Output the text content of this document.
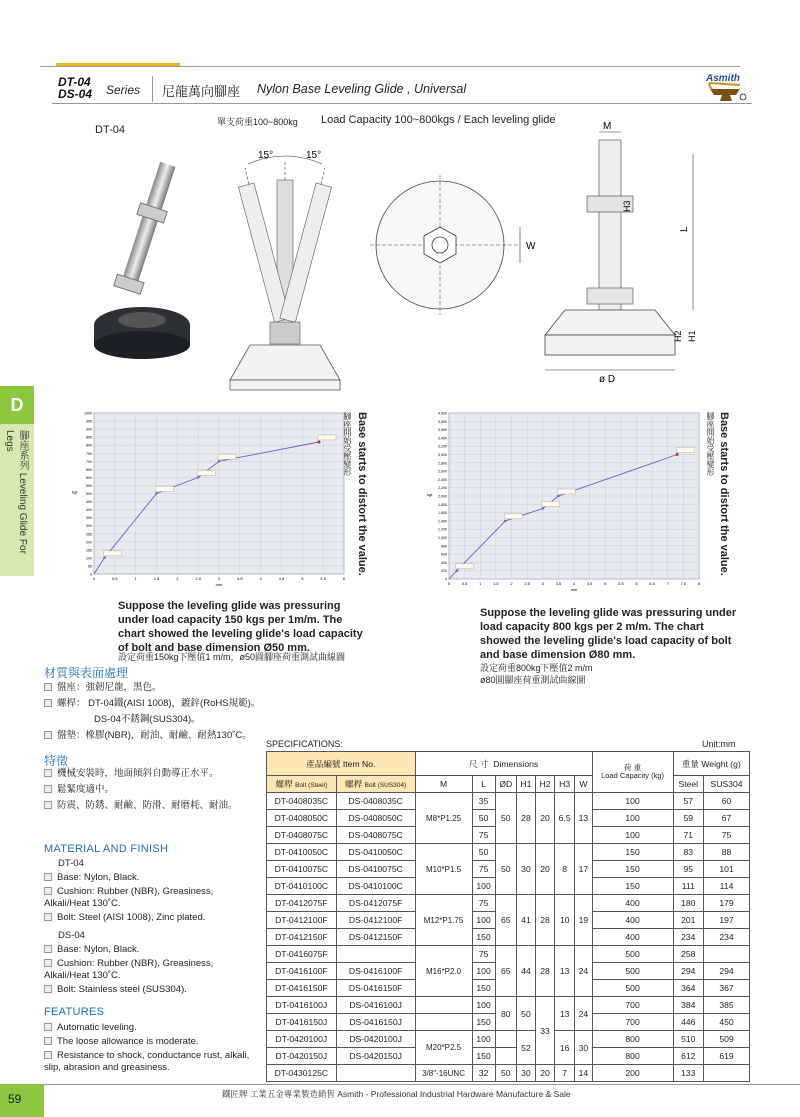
DT-04
DS-04 Series 尼龍萬向腳座 Nylon Base Leveling Glide , Universal
Asmith
DT-04
單支荷重100~800kg Load Capacity 100~800kgs / Each leveling glide
15°	15°
W
M
H3
L
H2 H1
ø D
D
腳座系列 Leveling Glide For Legs
0
50
100
150
200
250
300
350
400
450
500
550
600
650
700
750
800
850
900
950
1000
0	0.5	1	1.5	2	2.5	3	3.5	4	4.5	5	5.5	6
mm
kgf	Base starts to distort the value.
腳座開始受壓變形
Suppose the leveling glide was pressuring under load capacity 150 kgs per 1m/m. The chart showed the leveling glide's load capacity of bolt and base dimension Ø50 mm.
設定荷重150kg下壓值1 m/m，ø50圓腳座荷重測試曲線圖
0
200
400
600
800
1,000
1,200
1,400
1,600
1,800
2,000
2,200
2,400
2,600
2,800
3,000
3,200
3,400
3,600
3,800
4,000
0	0.5	1	1.5	2	2.5	3	3.5	4	4.5	5	5.5	6	6.5	7	7.5	8
mm
kgf	Base starts to distort the value.
腳座開始受壓變形
Suppose the leveling glide was pressuring under load capacity 800 kgs per 2 m/m. The chart showed the leveling glide's load capacity of bolt and base dimension Ø80 mm.
設定荷重800kg下壓值2 m/m
ø80圓腳座荷重測試曲線圖
材質與表面處理
盤座：強韌尼龍，黑色。
螺桿： DT-04鐵(AISI 1008)，鍍鋅(RoHS規範)。
DS-04不銹鋼(SUS304)。
盤墊：橡膠(NBR)，耐油、耐鹼、耐熱130˚C。
特徵
機械安裝時，地面傾斜自動導正水平。
鬆緊度適中。
防震、防銹、耐鹼、防滑、耐磨耗、耐油。
MATERIAL AND FINISH
DT-04
Base: Nylon, Black.
Cushion: Rubber (NBR), Greasiness, Alkali/Heat 130˚C.
Bolt: Steel (AISI 1008), Zinc plated.
DS-04
Base: Nylon, Black.
Cushion: Rubber (NBR), Greasiness, Alkali/Heat 130˚C.
Bolt: Stainless steel (SUS304).
FEATURES
Automatic leveling.
The loose allowance is moderate.
Resistance to shock, conductance rust, alkali, slip, abrasion and greasiness.
SPECIFICATIONS:	Unit:mm
產品編號 Item No.		尺 寸 Dimensions							荷 重
Load Capacity (kg)	重量 Weight (g)	
螺桿 Bolt (Steel)	螺桿 Bolt (SUS304)	M	L	ØD	H1	H2	H3	W		Steel	SUS304
DT-0408035C	DS-0408035C	M8*P1.25	35	50	28	20	6.5	13	100	57	60
DT-0408050C	DS-0408050C		50						100	59	67
DT-0408075C	DS-0408075C		75						100	71	75
DT-0410050C	DS-0410050C	M10*P1.5	50	50	30	20	8	17	150	83	88
DT-0410075C	DS-0410075C		75						150	95	101
DT-0410100C	DS-0410100C		100						150	111	114
DT-0412075F	DS-0412075F	M12*P1.75	75	65	41	28	10	19	400	180	179
DT-0412100F	DS-0412100F		100						400	201	197
DT-0412150F	DS-0412150F		150						400	234	234
DT-0416075F		M16*P2.0	75	65	44	28	13	24	500	258	
DT-0416100F	DS-0416100F		100						500	294	294
DT-0416150F	DS-0416150F		150						500	364	367
DT-0416100J	DS-0416100J		100	80	50	33	13	24	700	384	385
DT-0416150J	DS-0416150J		150						700	446	450
DT-0420100J	DS-0420100J	M20*P2.5	100		52		16	30	800	510	509
DT-0420150J	DS-0420150J		150						800	612	619
DT-0430125C		3/8"-16UNC	32	50	30	20	7	14	200	133	
59	鐵匠牌 工業五金專業製造銷售 Asmith - Professional Industrial Hardware Manufacture & Sale
